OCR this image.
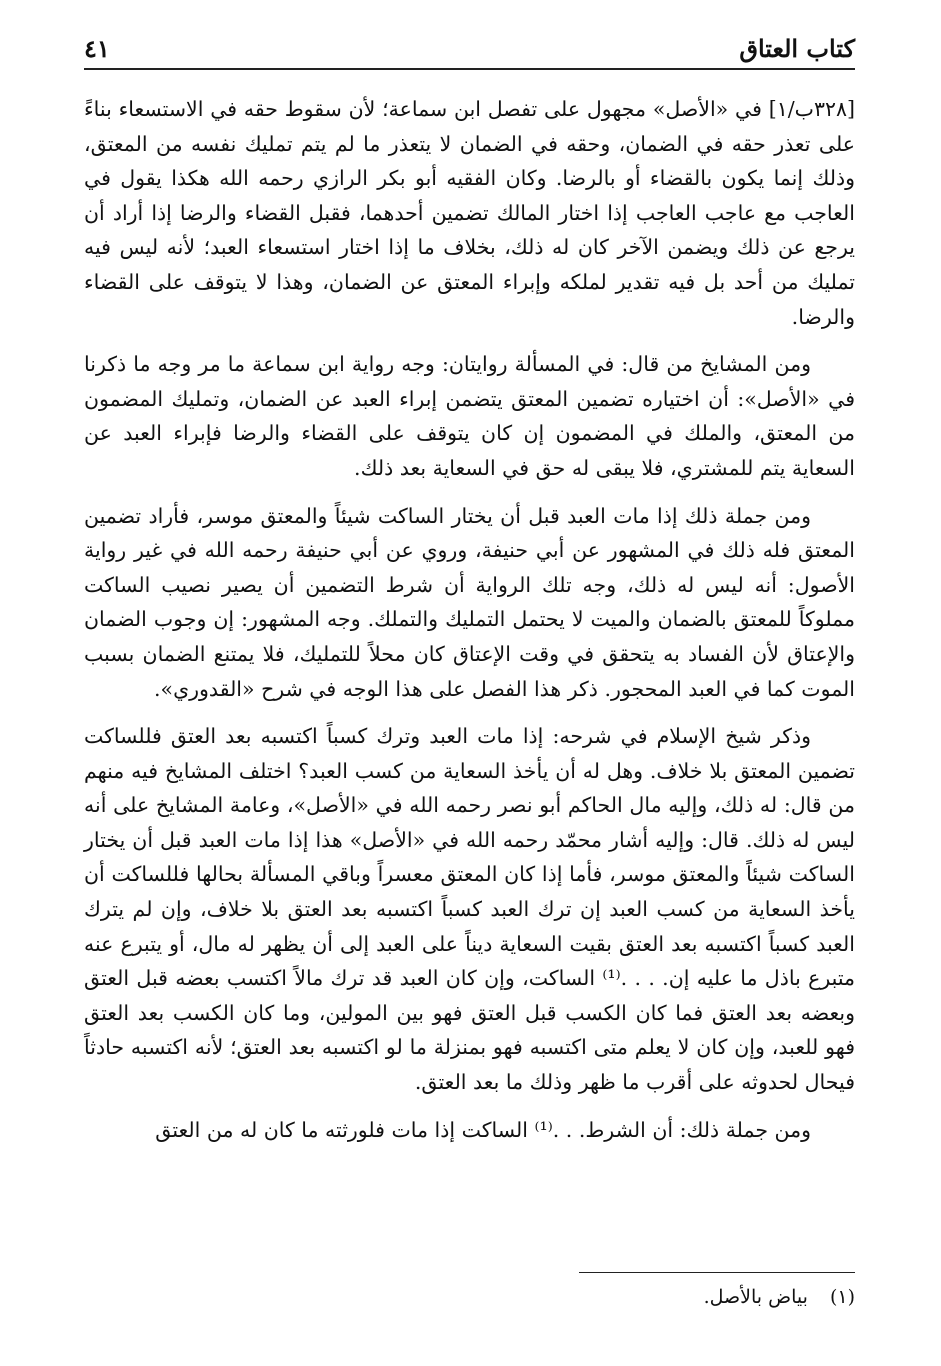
كتاب العتاق
٤١

[٣٢٨ب/١] في «الأصل» مجهول على تفصل ابن سماعة؛ لأن سقوط حقه في الاستسعاء بناءً على تعذر حقه في الضمان، وحقه في الضمان لا يتعذر ما لم يتم تمليك نفسه من المعتق، وذلك إنما يكون بالقضاء أو بالرضا. وكان الفقيه أبو بكر الرازي رحمه الله هكذا يقول في العاجب مع عاجب العاجب إذا اختار المالك تضمين أحدهما، فقبل القضاء والرضا إذا أراد أن يرجع عن ذلك ويضمن الآخر كان له ذلك، بخلاف ما إذا اختار استسعاء العبد؛ لأنه ليس فيه تمليك من أحد بل فيه تقدير لملكه وإبراء المعتق عن الضمان، وهذا لا يتوقف على القضاء والرضا.

ومن المشايخ من قال: في المسألة روايتان: وجه رواية ابن سماعة ما مر وجه ما ذكرنا في «الأصل»: أن اختياره تضمين المعتق يتضمن إبراء العبد عن الضمان، وتمليك المضمون من المعتق، والملك في المضمون إن كان يتوقف على القضاء والرضا فإبراء العبد عن السعاية يتم للمشتري، فلا يبقى له حق في السعاية بعد ذلك.

ومن جملة ذلك إذا مات العبد قبل أن يختار الساكت شيئاً والمعتق موسر، فأراد تضمين المعتق فله ذلك في المشهور عن أبي حنيفة، وروي عن أبي حنيفة رحمه الله في غير رواية الأصول: أنه ليس له ذلك، وجه تلك الرواية أن شرط التضمين أن يصير نصيب الساكت مملوكاً للمعتق بالضمان والميت لا يحتمل التمليك والتملك. وجه المشهور: إن وجوب الضمان والإعتاق لأن الفساد به يتحقق في وقت الإعتاق كان محلاً للتمليك، فلا يمتنع الضمان بسبب الموت كما في العبد المحجور. ذكر هذا الفصل على هذا الوجه في شرح «القدوري».

وذكر شيخ الإسلام في شرحه: إذا مات العبد وترك كسباً اكتسبه بعد العتق فللساكت تضمين المعتق بلا خلاف. وهل له أن يأخذ السعاية من كسب العبد؟ اختلف المشايخ فيه منهم من قال: له ذلك، وإليه مال الحاكم أبو نصر رحمه الله في «الأصل»، وعامة المشايخ على أنه ليس له ذلك. قال: وإليه أشار محمّد رحمه الله في «الأصل» هذا إذا مات العبد قبل أن يختار الساكت شيئاً والمعتق موسر، فأما إذا كان المعتق معسراً وباقي المسألة بحالها فللساكت أن يأخذ السعاية من كسب العبد إن ترك العبد كسباً اكتسبه بعد العتق بلا خلاف، وإن لم يترك العبد كسباً اكتسبه بعد العتق بقيت السعاية ديناً على العبد إلى أن يظهر له مال، أو يتبرع عنه متبرع باذل ما عليه إن. . . .⁽¹⁾ الساكت، وإن كان العبد قد ترك مالاً اكتسب بعضه قبل العتق وبعضه بعد العتق فما كان الكسب قبل العتق فهو بين المولين، وما كان الكسب بعد العتق فهو للعبد، وإن كان لا يعلم متى اكتسبه فهو بمنزلة ما لو اكتسبه بعد العتق؛ لأنه اكتسبه حادثاً فيحال لحدوثه على أقرب ما ظهر وذلك ما بعد العتق.

ومن جملة ذلك: أن الشرط. . .⁽¹⁾ الساكت إذا مات فلورثته ما كان له من العتق

(١) بياض بالأصل.
